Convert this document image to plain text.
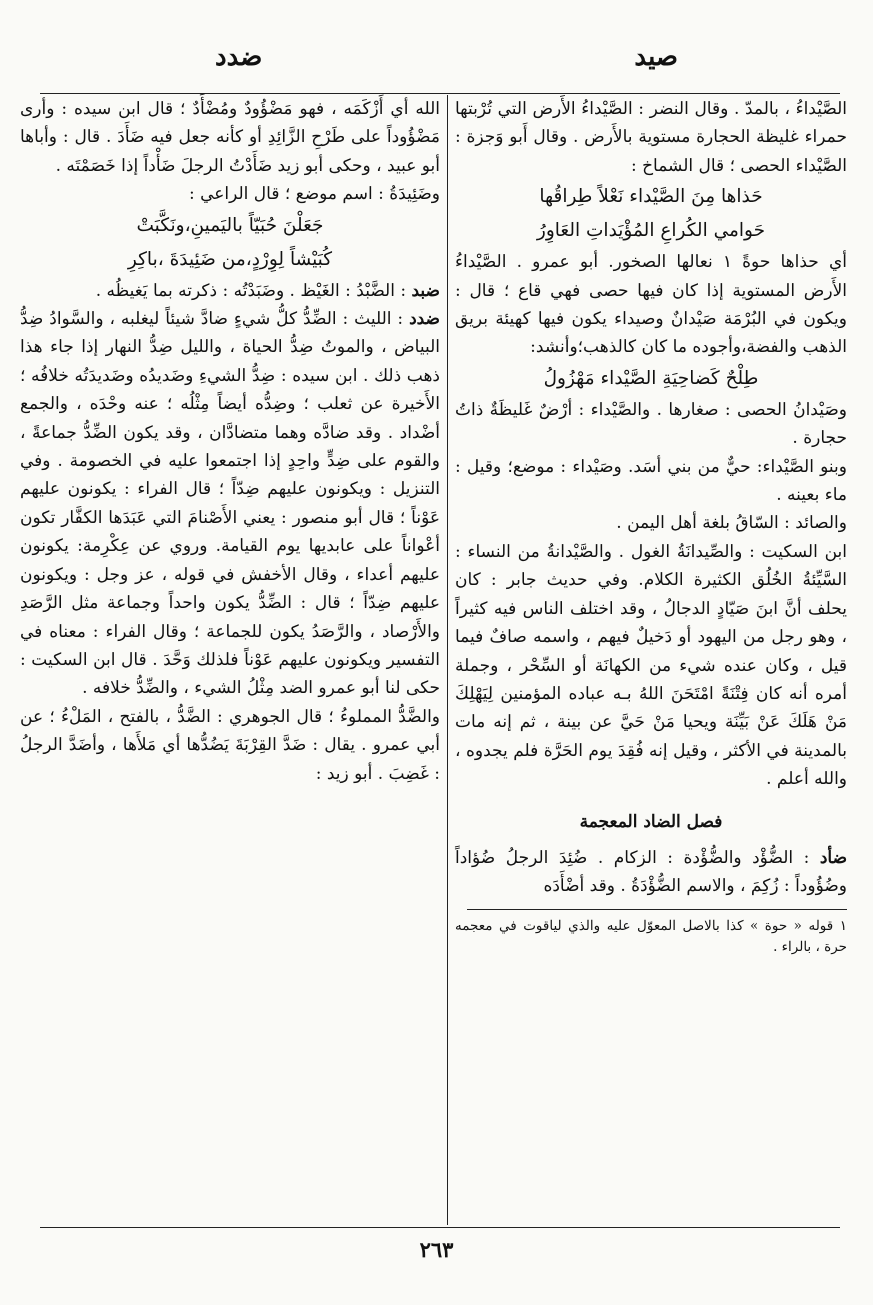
صيد
ضدد

الصَّيْداءُ ، بالمدّ . وقال النضر : الصَّيْداءُ الأَرض التي تُرْبتها حمراء غليظة الحجارة مستوية بالأَرض . وقال أَبو وَجزة : الصَّيْداء الحصى ؛ قال الشماخ :

حَذاها مِنَ الصَّيْداء نَعْلاً طِراقُها

حَوامي الكُراعِ المُؤْيَداتِ العَاوِرُ

أي حذاها حوةً ١ نعالها الصخور. أبو عمرو . الصَّيْداءُ الأَرض المستوية إذا كان فيها حصى فهي قاع ؛ قال : ويكون في البُرْمَة صَيْدانٌ وصيداء يكون فيها كهيئة بريق الذهب والفضة،وأجوده ما كان كالذهب؛وأنشد:

طِلْحٌ كَضاحِيَةِ الصَّيْداء مَهْزُولُ

وصَيْدانُ الحصى : صغارها . والصَّيْداء : أرْضٌ غَليظَةٌ ذاتُ حجارة .

وبنو الصَّيْداء: حيٌّ من بني أسَد. وصَيْداء : موضع؛ وقيل : ماء بعينه .

والصائد : السّاقُ بلغة أهل اليمن .

ابن السكيت : والصِّيدانَةُ الغول . والصَّيْدانةُ من النساء : السَّيِّئةُ الخُلُق الكثيرة الكلام. وفي حديث جابر : كان يحلف أنَّ ابنَ صَيّادٍ الدجالُ ، وقد اختلف الناس فيه كثيراً ، وهو رجل من اليهود أو دَخيلٌ فيهم ، واسمه صافٌ فيما قيل ، وكان عنده شيء من الكهانَة أو السِّحْر ، وجملة أمره أنه كان فِتْنَةً امْتَحَنَ اللهُ بـه عباده المؤمنين لِيَهْلِكَ مَنْ هَلَكَ عَنْ بَيِّنَة ويحيا مَنْ حَيَّ عن بينة ، ثم إنه مات بالمدينة في الأكثر ، وقيل إنه فُقِدَ يوم الحَرَّة فلم يجدوه ، والله أعلم .

فصل الضاد المعجمة

ضأد : الضُّؤْد والضُّؤْدة : الزكام . ضُئِدَ الرجلُ ضُؤاداً وضُؤُوداً : زُكِمَ ، والاسم الضُّؤْدَةُ . وقد أضْأَدَه

١ قوله « حوة » كذا بالاصل المعوّل عليه والذي لياقوت في معجمه حرة ، بالراء .

الله أي أَزْكَمَه ، فهو مَضْؤُودٌ ومُضْأَدٌ ؛ قال ابن سيده : وأرى مَضْؤُوداً على طَرْحِ الزَّائِدِ أو كأنه جعل فيه ضَأَدَ . قال : وأباها أبو عبيد ، وحكى أبو زيد ضَأَدْتُ الرجلَ ضَأْداً إذا خَصَمْتَه .

وضَئِيدَةُ : اسم موضع ؛ قال الراعي :

جَعَلْنَ حُبَيّاً باليَمينِ،ونَكَّبَتْ

كُبَيْشاً لِوِرْدٍ،من ضَئِيدَةَ ،باكِرِ

ضبد : الضَّبْدُ : الغَيْظ . وضَبَدْتُه : ذكرته بما يَغيظُه .

ضدد : الليث : الضِّدُّ كلُّ شيءٍ ضادَّ شيئاً ليغلبه ، والسَّوادُ ضِدُّ البياض ، والموتُ ضِدُّ الحياة ، والليل ضِدُّ النهار إذا جاء هذا ذهب ذلك . ابن سيده : ضِدُّ الشيءِ وضَديدُه وضَديدَتُه خلافُه ؛ الأَخيرة عن ثعلب ؛ وضِدُّه أيضاً مِثْلُه ؛ عنه وحْدَه ، والجمع أضْداد . وقد ضادَّه وهما متضادَّان ، وقد يكون الضِّدُّ جماعةً ، والقوم على ضِدٍّ واحِدٍ إذا اجتمعوا عليه في الخصومة . وفي التنزيل : ويكونون عليهم ضِدّاً ؛ قال الفراء : يكونون عليهم عَوْناً ؛ قال أبو منصور : يعني الأَصْنامَ التي عَبَدَها الكفَّار تكون أعْواناً على عابديها يوم القيامة. وروي عن عِكْرِمة: يكونون عليهم أعداء ، وقال الأخفش في قوله ، عز وجل : ويكونون عليهم ضِدّاً ؛ قال : الضِّدُّ يكون واحداً وجماعة مثل الرَّصَدِ والأَرْصاد ، والرَّصَدُ يكون للجماعة ؛ وقال الفراء : معناه في التفسير ويكونون عليهم عَوْناً فلذلك وَحَّدَ . قال ابن السكيت : حكى لنا أبو عمرو الضد مِثْلُ الشيء ، والضِّدُّ خلافه .

والضَّدُّ المملوءُ ؛ قال الجوهري : الضَّدُّ ، بالفتح ، المَلْءُ ؛ عن أبي عمرو . يقال : ضَدَّ القِرْبَةَ يَضُدُّها أي مَلأَها ، وأضَدَّ الرجلُ : غَضِبَ . أبو زيد :

٢٦٣
